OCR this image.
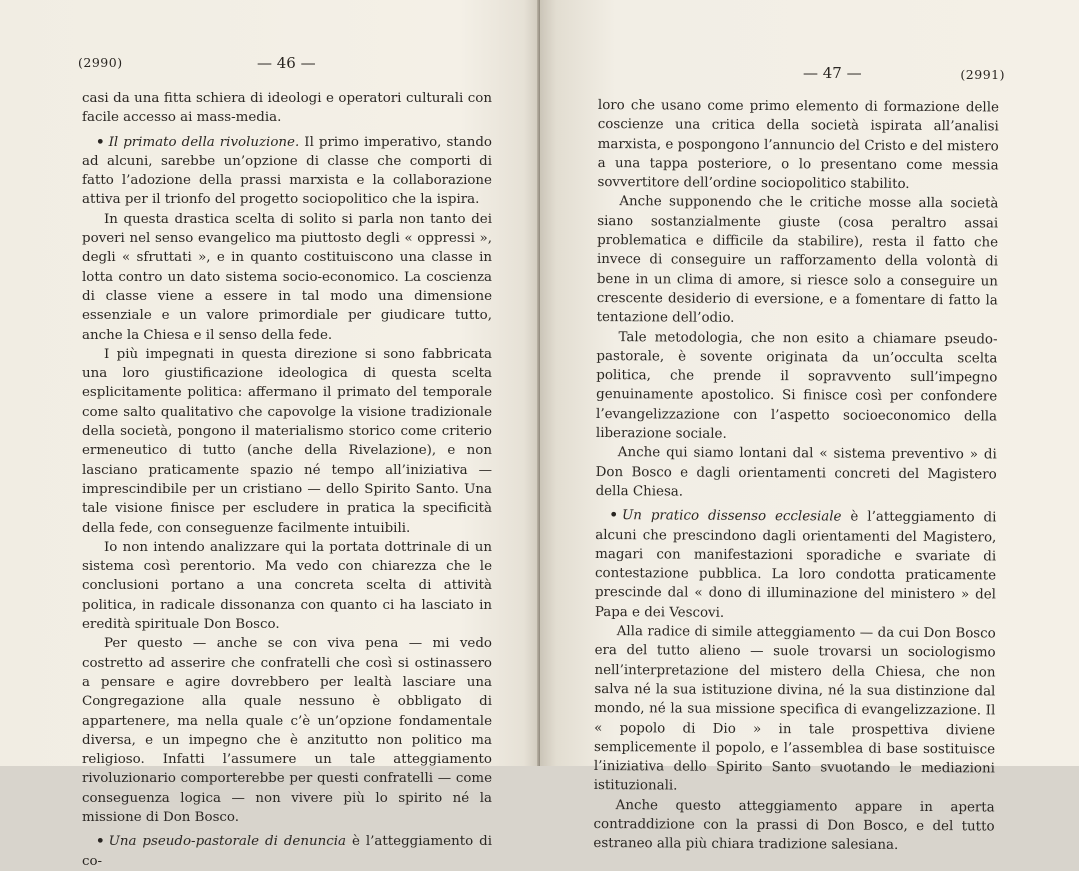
(2990)	— 46 —

casi da una fitta schiera di ideologi e operatori culturali con facile accesso ai mass-media.

• Il primato della rivoluzione. Il primo imperativo, stando ad alcuni, sarebbe un’opzione di classe che comporti di fatto l’adozione della prassi marxista e la collaborazione attiva per il trionfo del progetto sociopolitico che la ispira.

In questa drastica scelta di solito si parla non tanto dei poveri nel senso evangelico ma piuttosto degli « oppressi », degli « sfruttati », e in quanto costituiscono una classe in lotta contro un dato sistema socio-economico. La coscienza di classe viene a essere in tal modo una dimensione essenziale e un valore primordiale per giudicare tutto, anche la Chiesa e il senso della fede.

I più impegnati in questa direzione si sono fabbricata una loro giustificazione ideologica di questa scelta esplicitamente politica: affermano il primato del temporale come salto qualitativo che capovolge la visione tradizionale della società, pongono il materialismo storico come criterio ermeneutico di tutto (anche della Rivelazione), e non lasciano praticamente spazio né tempo all’iniziativa — imprescindibile per un cristiano — dello Spirito Santo. Una tale visione finisce per escludere in pratica la specificità della fede, con conseguenze facilmente intuibili.

Io non intendo analizzare qui la portata dottrinale di un sistema così perentorio. Ma vedo con chiarezza che le conclusioni portano a una concreta scelta di attività politica, in radicale dissonanza con quanto ci ha lasciato in eredità spirituale Don Bosco.

Per questo — anche se con viva pena — mi vedo costretto ad asserire che confratelli che così si ostinassero a pensare e agire dovrebbero per lealtà lasciare una Congregazione alla quale nessuno è obbligato di appartenere, ma nella quale c’è un’opzione fondamentale diversa, e un impegno che è anzitutto non politico ma religioso. Infatti l’assumere un tale atteggiamento rivoluzionario comporterebbe per questi confratelli — come conseguenza logica — non vivere più lo spirito né la missione di Don Bosco.

• Una pseudo-pastorale di denuncia è l’atteggiamento di co-

— 47 —	(2991)

loro che usano come primo elemento di formazione delle coscienze una critica della società ispirata all’analisi marxista, e pospongono l’annuncio del Cristo e del mistero a una tappa posteriore, o lo presentano come messia sovvertitore dell’ordine sociopolitico stabilito.

Anche supponendo che le critiche mosse alla società siano sostanzialmente giuste (cosa peraltro assai problematica e difficile da stabilire), resta il fatto che invece di conseguire un rafforzamento della volontà di bene in un clima di amore, si riesce solo a conseguire un crescente desiderio di eversione, e a fomentare di fatto la tentazione dell’odio.

Tale metodologia, che non esito a chiamare pseudo-pastorale, è sovente originata da un’occulta scelta politica, che prende il sopravvento sull’impegno genuinamente apostolico. Si finisce così per confondere l’evangelizzazione con l’aspetto socioeconomico della liberazione sociale.

Anche qui siamo lontani dal « sistema preventivo » di Don Bosco e dagli orientamenti concreti del Magistero della Chiesa.

• Un pratico dissenso ecclesiale è l’atteggiamento di alcuni che prescindono dagli orientamenti del Magistero, magari con manifestazioni sporadiche e svariate di contestazione pubblica. La loro condotta praticamente prescinde dal « dono di illuminazione del ministero » del Papa e dei Vescovi.

Alla radice di simile atteggiamento — da cui Don Bosco era del tutto alieno — suole trovarsi un sociologismo nell’interpretazione del mistero della Chiesa, che non salva né la sua istituzione divina, né la sua distinzione dal mondo, né la sua missione specifica di evangelizzazione. Il « popolo di Dio » in tale prospettiva diviene semplicemente il popolo, e l’assemblea di base sostituisce l’iniziativa dello Spirito Santo svuotando le mediazioni istituzionali.

Anche questo atteggiamento appare in aperta contraddizione con la prassi di Don Bosco, e del tutto estraneo alla più chiara tradizione salesiana.
